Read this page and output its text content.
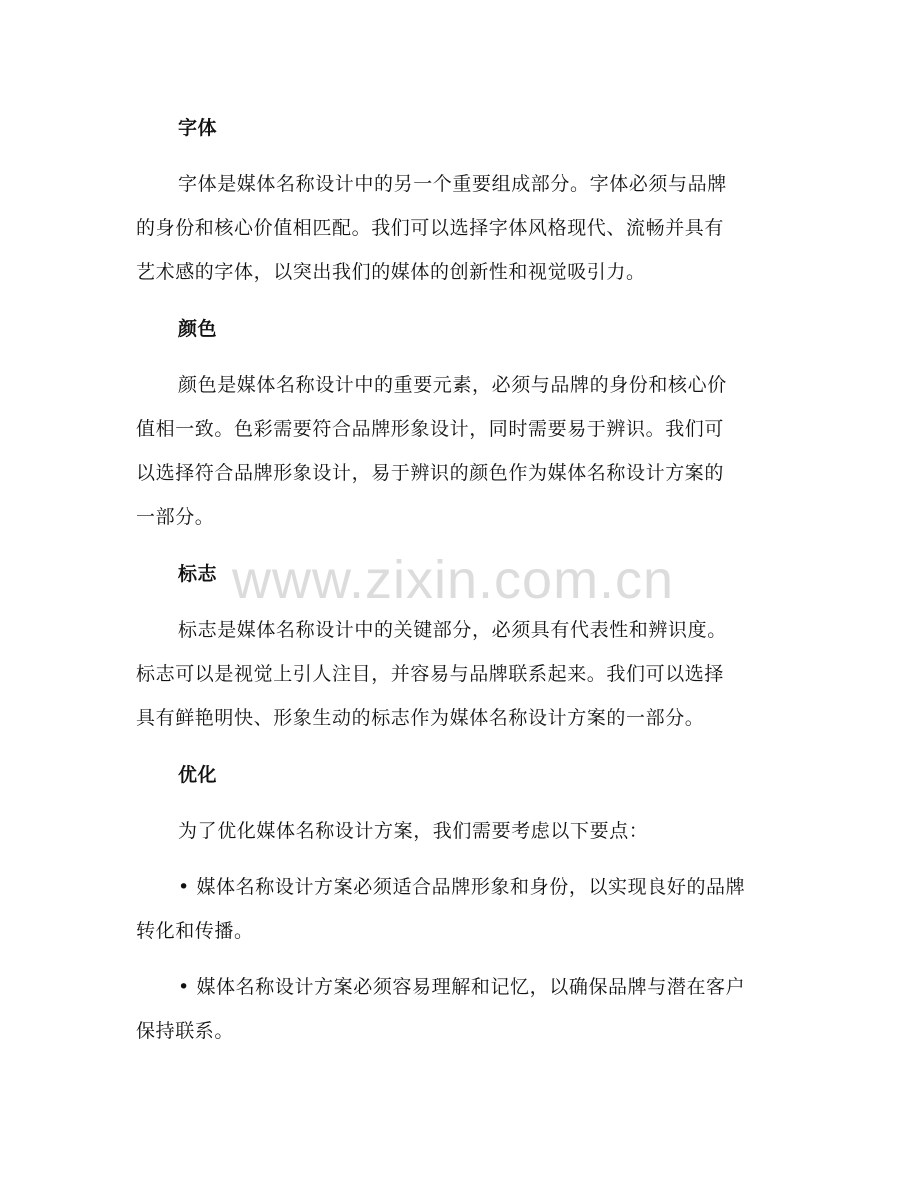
www.zixin.com.cn
字体
字体是媒体名称设计中的另一个重要组成部分。字体必须与品牌
的身份和核心价值相匹配。我们可以选择字体风格现代、流畅并具有
艺术感的字体，以突出我们的媒体的创新性和视觉吸引力。
颜色
颜色是媒体名称设计中的重要元素，必须与品牌的身份和核心价
值相一致。色彩需要符合品牌形象设计，同时需要易于辨识。我们可
以选择符合品牌形象设计，易于辨识的颜色作为媒体名称设计方案的
一部分。
标志
标志是媒体名称设计中的关键部分，必须具有代表性和辨识度。
标志可以是视觉上引人注目，并容易与品牌联系起来。我们可以选择
具有鲜艳明快、形象生动的标志作为媒体名称设计方案的一部分。
优化
为了优化媒体名称设计方案，我们需要考虑以下要点：
• 媒体名称设计方案必须适合品牌形象和身份，以实现良好的品牌
转化和传播。
• 媒体名称设计方案必须容易理解和记忆，以确保品牌与潜在客户
保持联系。
